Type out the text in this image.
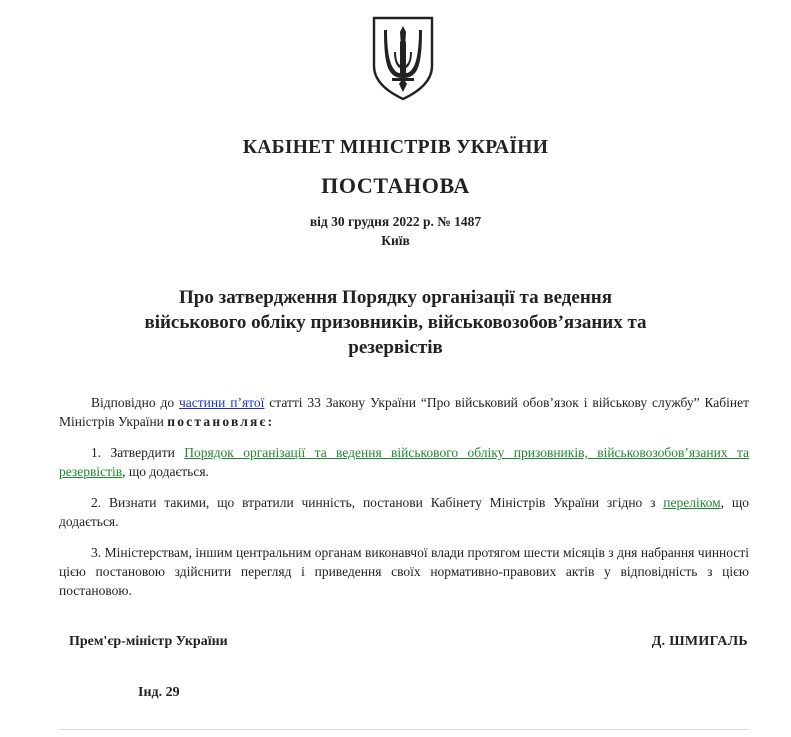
КАБІНЕТ МІНІСТРІВ УКРАЇНИ
ПОСТАНОВА
від 30 грудня 2022 р. № 1487
Київ
Про затвердження Порядку організації та ведення
військового обліку призовників, військовозобов’язаних та
резервістів
Відповідно до частини п’ятої статті 33 Закону України “Про військовий обов’язок і військову службу” Кабінет Міністрів України постановляє:
1. Затвердити Порядок організації та ведення військового обліку призовників, військовозобов’язаних та резервістів, що додається.
2. Визнати такими, що втратили чинність, постанови Кабінету Міністрів України згідно з переліком, що додається.
3. Міністерствам, іншим центральним органам виконавчої влади протягом шести місяців з дня набрання чинності цією постановою здійснити перегляд і приведення своїх нормативно-правових актів у відповідність з цією постановою.
Прем'єр-міністр України	Д. ШМИГАЛЬ
Інд. 29
